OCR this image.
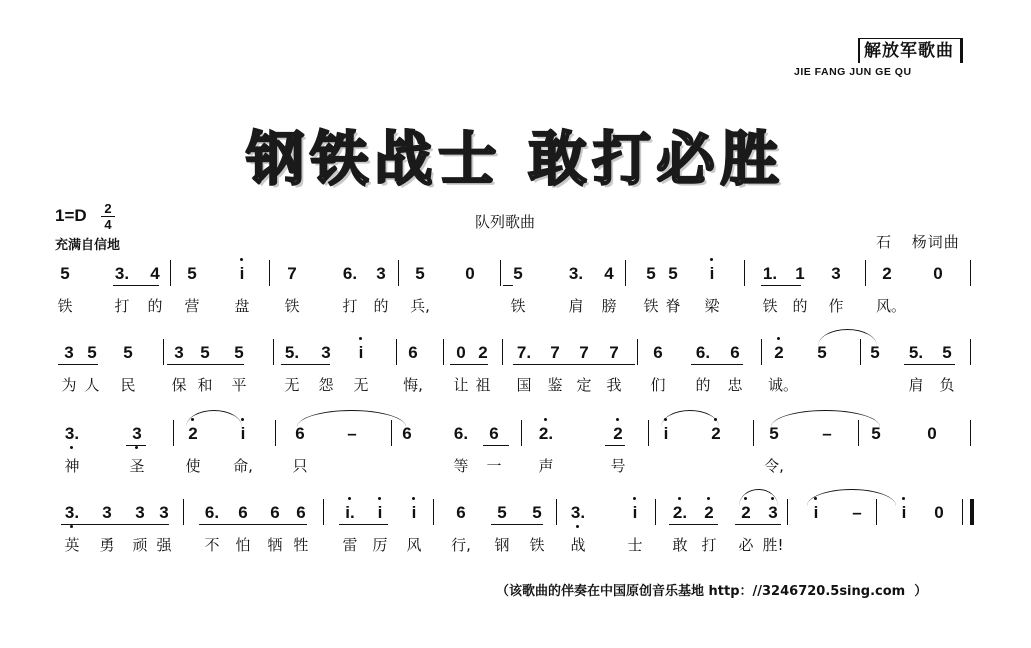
解放军歌曲
JIE FANG JUN GE QU
钢铁战士 敢打必胜
1=D 2
4
充满自信地
队列歌曲
石 杨词曲
5	3. 4 5	i	7	6. 3 5 0 5	3. 4 5 5	i	1. 1 3 2 0
铁	打 的 营 盘 铁	打 的 兵,	铁	肩 膀 铁 脊 梁	铁 的 作 风。
3 5 5 3 5 5 5. 3	i	6 0 2 7. 7 7 7 6 6. 6 2 5	5 5. 5
为 人 民 保 和 平	无 怨 无 悔, 让 祖 国 鉴 定 我 们 的 忠 诚。	肩 负
3.	3	2	i	6	–	6 6. 6 2.	2	i	2	5	– 5	0
神	圣	使 命,	只	等 一 声	号	令,
3. 3 3 3 6. 6 6 6 i.	i	i	6 5 5 3.	i	2. 2 2 3	i	–	i	0
英 勇 顽 强 不 怕 牺 牲 雷 厉 风 行, 钢 铁 战	士 敢 打 必 胜!
（该歌曲的伴奏在中国原创音乐基地 http：//3246720.5sing.com  ）
